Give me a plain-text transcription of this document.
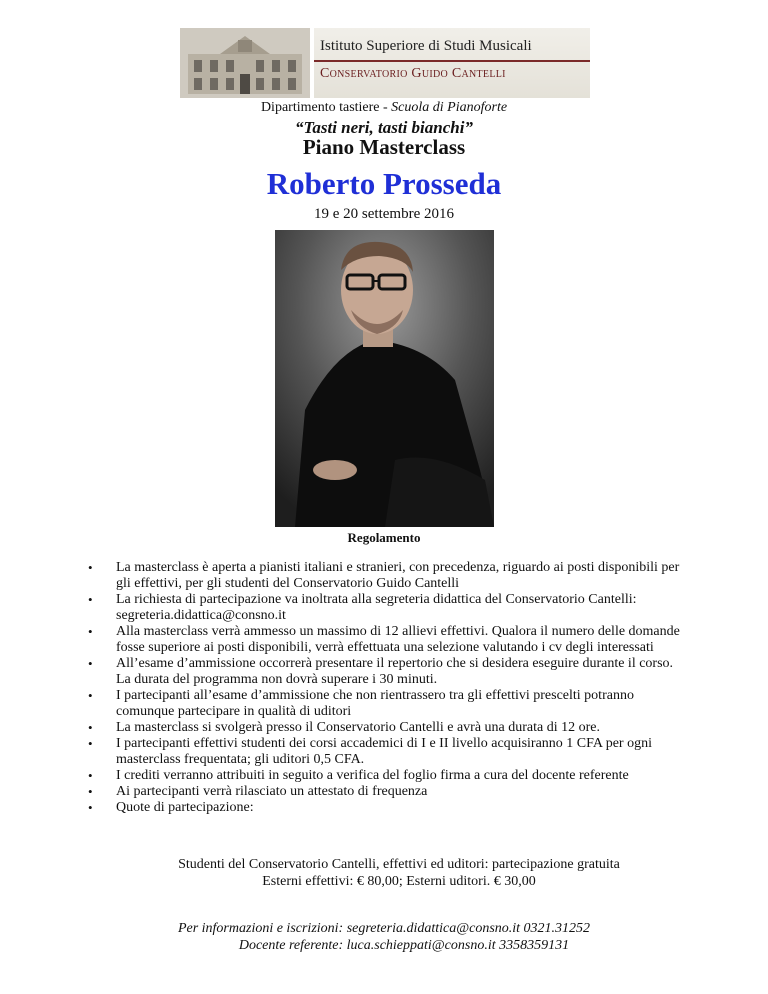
Istituto Superiore di Studi Musicali
Conservatorio Guido Cantelli
Dipartimento tastiere - Scuola di Pianoforte
“Tasti neri, tasti bianchi”
Piano Masterclass
Roberto Prosseda
19 e 20 settembre 2016
Regolamento
• La masterclass è aperta a pianisti italiani e stranieri, con precedenza, riguardo ai posti disponibili per gli effettivi, per gli studenti del Conservatorio Guido Cantelli
• La richiesta di partecipazione va inoltrata alla segreteria didattica del Conservatorio Cantelli: segreteria.didattica@consno.it
• Alla masterclass verrà ammesso un massimo di 12 allievi effettivi. Qualora il numero delle domande fosse superiore ai posti disponibili, verrà effettuata una selezione valutando i cv degli interessati
• All’esame d’ammissione occorrerà presentare il repertorio che si desidera eseguire durante il corso. La durata del programma non dovrà superare i 30 minuti.
• I partecipanti all’esame d’ammissione che non rientrassero tra gli effettivi prescelti potranno comunque partecipare in qualità di uditori
• La masterclass si svolgerà presso il Conservatorio Cantelli e avrà una durata di 12 ore.
• I partecipanti effettivi studenti dei corsi accademici di I e II livello acquisiranno 1 CFA per ogni masterclass frequentata; gli uditori 0,5 CFA.
• I crediti verranno attribuiti in seguito a verifica del foglio firma a cura del docente referente
• Ai partecipanti verrà rilasciato un attestato di frequenza
• Quote di partecipazione:
Studenti del Conservatorio Cantelli, effettivi ed uditori: partecipazione gratuita
Esterni effettivi: € 80,00; Esterni uditori. € 30,00
Per informazioni e iscrizioni: segreteria.didattica@consno.it 0321.31252
Docente referente: luca.schieppati@consno.it 3358359131
